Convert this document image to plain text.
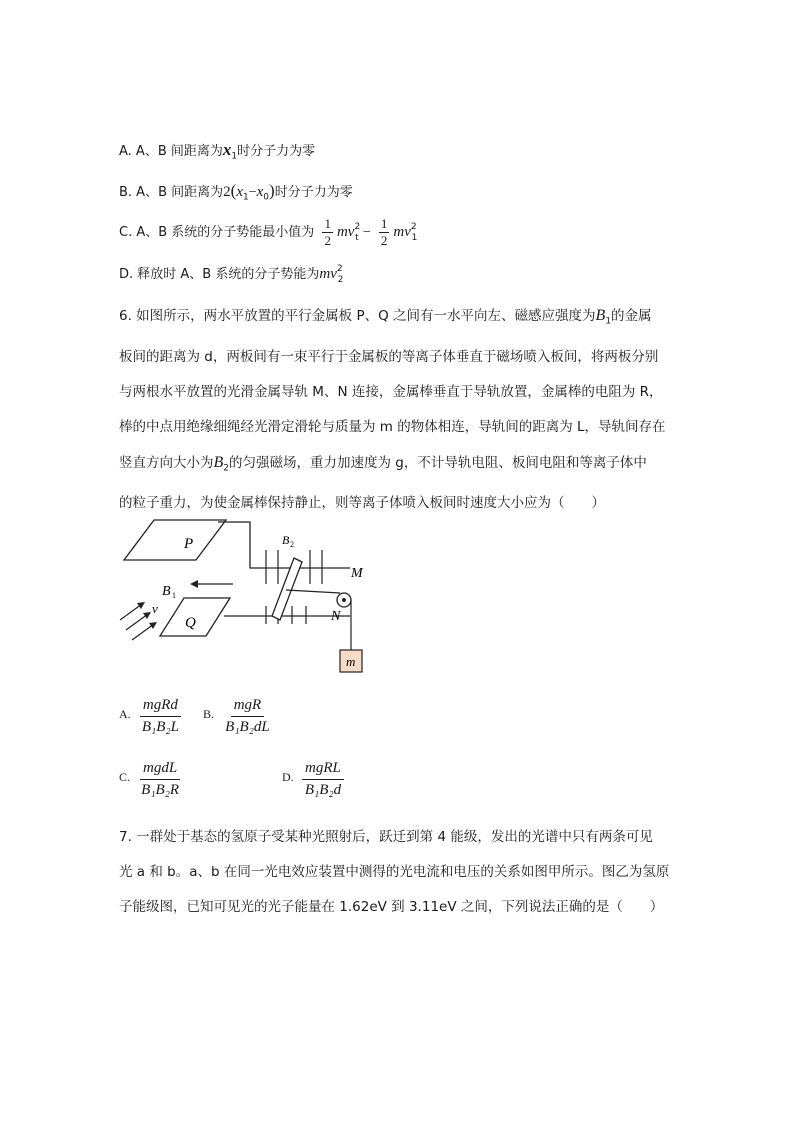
A. A、B 间距离为$x_1$时分子力为零
B. A、B 间距离为$2(x_1-x_0)$时分子力为零
C. A、B 系统的分子势能最小值为 $\frac{1}{2} mv^2_t - \frac{1}{2} mv^2_1$
D. 释放时 A、B 系统的分子势能为$mv^2_2$
6. 如图所示，两水平放置的平行金属板 P、Q 之间有一水平向左、磁感应强度为$B_1$的金属
板间的距离为 d，两板间有一束平行于金属板的等离子体垂直于磁场喷入板间，将两板分别
与两根水平放置的光滑金属导轨 M、N 连接，金属棒垂直于导轨放置，金属棒的电阻为 R，
棒的中点用绝缘细绳经光滑定滑轮与质量为 m 的物体相连，导轨间的距离为 L，导轨间存在
竖直方向大小为$B_2$的匀强磁场，重力加速度为 g，不计导轨电阻、板间电阻和等离子体中
的粒子重力，为使金属棒保持静止，则等离子体喷入板间时速度大小应为（　　）
P
M
N
Q
B 2
m
B 1
v
A. $\frac{\text{mgRd}}{\text{B₁B₂L}} B$. $\frac{\text{mgR}}{\text{B₁B₂dL}}$
C. $\frac{\text{mgdL}}{\text{B₁B₂R}}$	D. $\frac{\text{mgRL}}{\text{B₁B₂d}}$
7. 一群处于基态的氢原子受某种光照射后，跃迁到第 4 能级，发出的光谱中只有两条可见
光 a 和 b。a、b 在同一光电效应装置中测得的光电流和电压的关系如图甲所示。图乙为氢原
子能级图，已知可见光的光子能量在 1.62eV 到 3.11eV 之间，下列说法正确的是（　　）
